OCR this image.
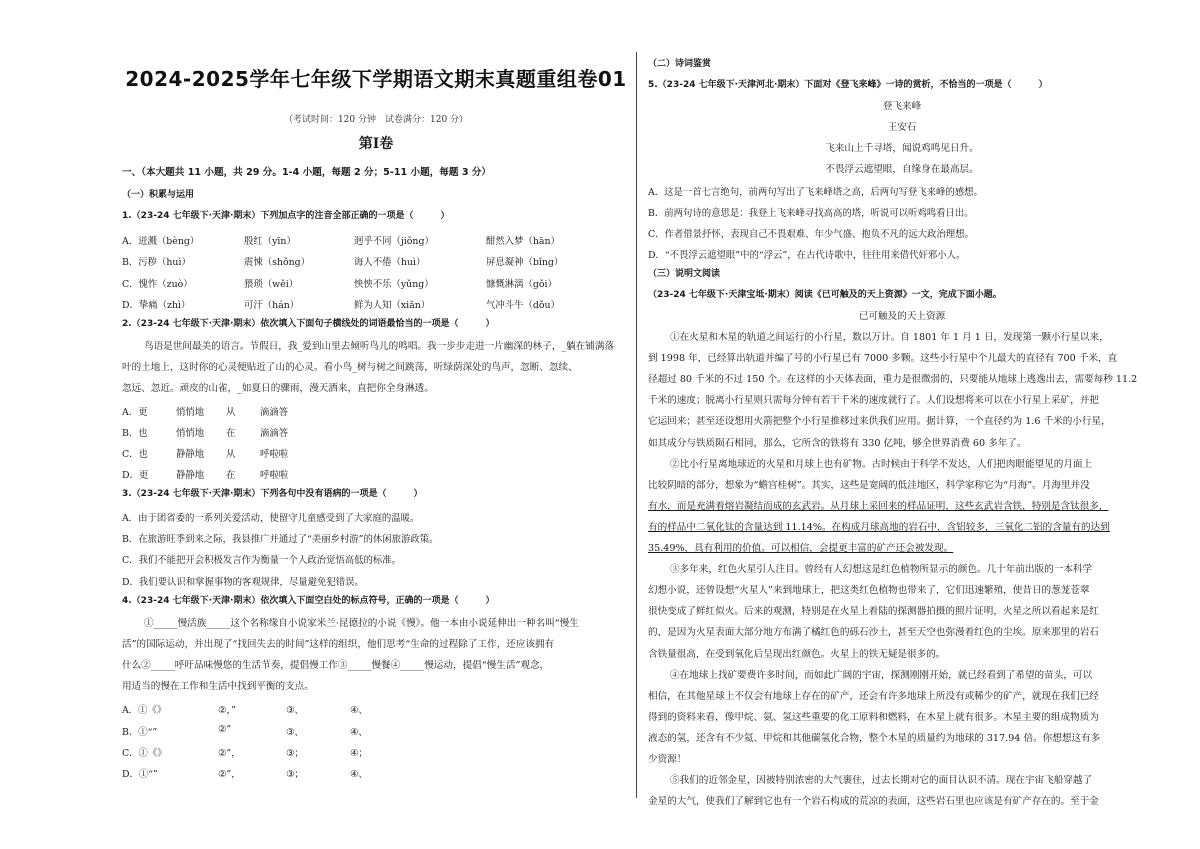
2024-2025学年七年级下学期语文期末真题重组卷01
（考试时间：120 分钟　试卷满分：120 分）
第Ⅰ卷
一、（本大题共 11 小题，共 29 分。1-4 小题，每题 2 分；5-11 小题，每题 3 分）
（一）积累与运用
1.（23-24 七年级下·天津·期末）下列加点字的注音全部正确的一项是（　　　）
A．迸溅（bèng）	殷红（yīn）	迥乎不同（jiǒng）	酣然入梦（hān）
B．污秽（huì）	震悚（shǒng）	诲人不倦（huì）	屏息凝神（bǐng）
C．愧怍（zuò）	猥琐（wěi）	怏怏不乐（yǔng）	慷慨淋漓（gǒi）
D．挚痛（zhì）	可汗（hán）	鲜为人知（xiǎn）	气冲斗牛（dǒu）
2.（23-24 七年级下·天津·期末）依次填入下面句子横线处的词语最恰当的一项是（　　　）
鸟语是世间最美的语言。节假日，我_爱到山里去倾听鸟儿的鸣唱。我一步步走进一片幽深的林子，_躺在铺满落
叶的土地上，这时你的心灵便贴近了山的心灵。看小鸟_树与树之间跳荡，听绿荫深处的鸟声，忽断、忽续、
忽远、忽近。顽皮的山雀，_如夏日的骤雨，漫天洒来，直把你全身淋透。
A．更	悄悄地 从	滴滴答
B．也	悄悄地 在	滴滴答
C．也	静静地 从	呼啦啦
D．更	静静地 在	呼啦啦
3.（23-24 七年级下·天津·期末）下列各句中没有语病的一项是（　　　）
A．由于团省委的一系列关爱活动，使留守儿童感受到了大家庭的温暖。
B．在旅游旺季到来之际，我县推广并通过了“美丽乡村游”的休闲旅游政策。
C．我们不能把开会积极发言作为衡量一个人政治觉悟高低的标准。
D．我们要认识和掌握事物的客观规律，尽量避免犯错误。
4.（23-24 七年级下·天津·期末）依次填入下面空白处的标点符号，正确的一项是（　　　）
①_____慢活族_____这个名称缘自小说家米兰·昆德拉的小说《慢》。他一本由小说延伸出一种名叫“慢生
活”的国际运动，并出现了“找回失去的时间”这样的组织，他们思考“生命的过程除了工作，还应该拥有
什么②_____呼吁品味慢悠的生活节奏，提倡慢工作③_____慢餐④_____慢运动，提倡“慢生活”观念，
用适当的慢在工作和生活中找到平衡的支点。
A．①《》	②，”	③、	④、
B．①“”	②”	③、	④、
C．①《》	②”，	③；	④；
D．①“”	②”，	③；	④、
（二）诗词鉴赏
5.（23-24 七年级下·天津河北·期末）下面对《登飞来峰》一诗的赏析，不恰当的一项是（　　　）
登飞来峰
王安石
飞来山上千寻塔，闻说鸡鸣见日升。
不畏浮云遮望眼，自缘身在最高层。
A．这是一首七言绝句，前两句写出了飞来峰塔之高，后两句写登飞来峰的感想。
B．前两句诗的意思是：我登上飞来峰寻找高高的塔，听说可以听鸡鸣看日出。
C．作者借景抒怀，表现自己不畏艰难、年少气盛、抱负不凡的远大政治理想。
D．“不畏浮云遮望眼”中的“浮云”，在古代诗歌中，往往用来借代奸邪小人。
（三）说明文阅读
（23-24 七年级下·天津宝坻·期末）阅读《已可触及的天上资源》一文，完成下面小题。
已可触及的天上资源
①在火星和木星的轨道之间运行的小行星，数以万计。自 1801 年 1 月 1 日，发现第一颗小行星以来，
到 1998 年，已经算出轨道并编了号的小行星已有 7000 多颗。这些小行星中个儿最大的直径有 700 千米，直
径超过 80 千米的不过 150 个。在这样的小天体表面，重力是很微弱的，只要能从地球上逃逸出去，需要每秒 11.2
千米的速度；脱离小行星则只需每分钟有若干千米的速度就行了。人们设想将来可以在小行星上采矿，并把
它运回来；甚至还设想用火箭把整个小行星推移过来供我们应用。据计算，一个直径约为 1.6 千米的小行星，
如其成分与铁质陨石相同，那么，它所含的铁将有 330 亿吨，够全世界消费 60 多年了。
②比小行星离地球近的火星和月球上也有矿物。古时候由于科学不发达，人们把肉眼能望见的月面上
比较阴暗的部分，想象为“蟾宫桂树”。其实，这些是宽阔的低洼地区，科学家称它为“月海”。月海里并没
有水，而是充满着熔岩凝结而成的玄武岩。从月球上采回来的样品证明，这些玄武岩含铁，特别是含钛很多，
有的样品中二氧化钛的含量达到 11.14%。在构成月球高地的岩石中，含铝较多，三氧化二铝的含量有的达到
35.49%，具有利用的价值。可以相信，会提更丰富的矿产还会被发现。
③多年来，红色火星引人注目。曾经有人幻想这是红色植物所显示的颜色。几十年前出版的一本科学
幻想小说，还曾设想“火星人”来到地球上，把这类红色植物也带来了，它们迅速繁殖，使昔日的葱茏苍翠
很快变成了鲜红似火。后来的观测，特别是在火星上着陆的探测器拍摄的照片证明，火星之所以看起来是红
的，是因为火星表面大部分地方布满了橘红色的砾石沙土，甚至天空也弥漫着红色的尘埃。原来那里的岩石
含铁量很高，在受到氧化后呈现出红颜色。火星上的铁无疑是很多的。
④在地球上找矿要费许多时间，而如此广阔的宇宙，探测刚刚开始，就已经看到了希望的苗头，可以
相信，在其他星球上不仅会有地球上存在的矿产，还会有许多地球上所没有或稀少的矿产，就现在我们已经
得到的资料来看，像甲烷、氨、氢这些重要的化工原料和燃料，在木星上就有很多。木星主要的组成物质为
液态的氢，还含有不少氦、甲烷和其他碳氢化合物，整个木星的质量约为地球的 317.94 倍。你想想这有多
少资源！
⑤我们的近邻金星，因被特别浓密的大气裹住，过去长期对它的面目认识不清。现在宇宙飞船穿越了
金星的大气，使我们了解到它也有一个岩石构成的荒凉的表面，这些岩石里也应该是有矿产存在的。至于金
